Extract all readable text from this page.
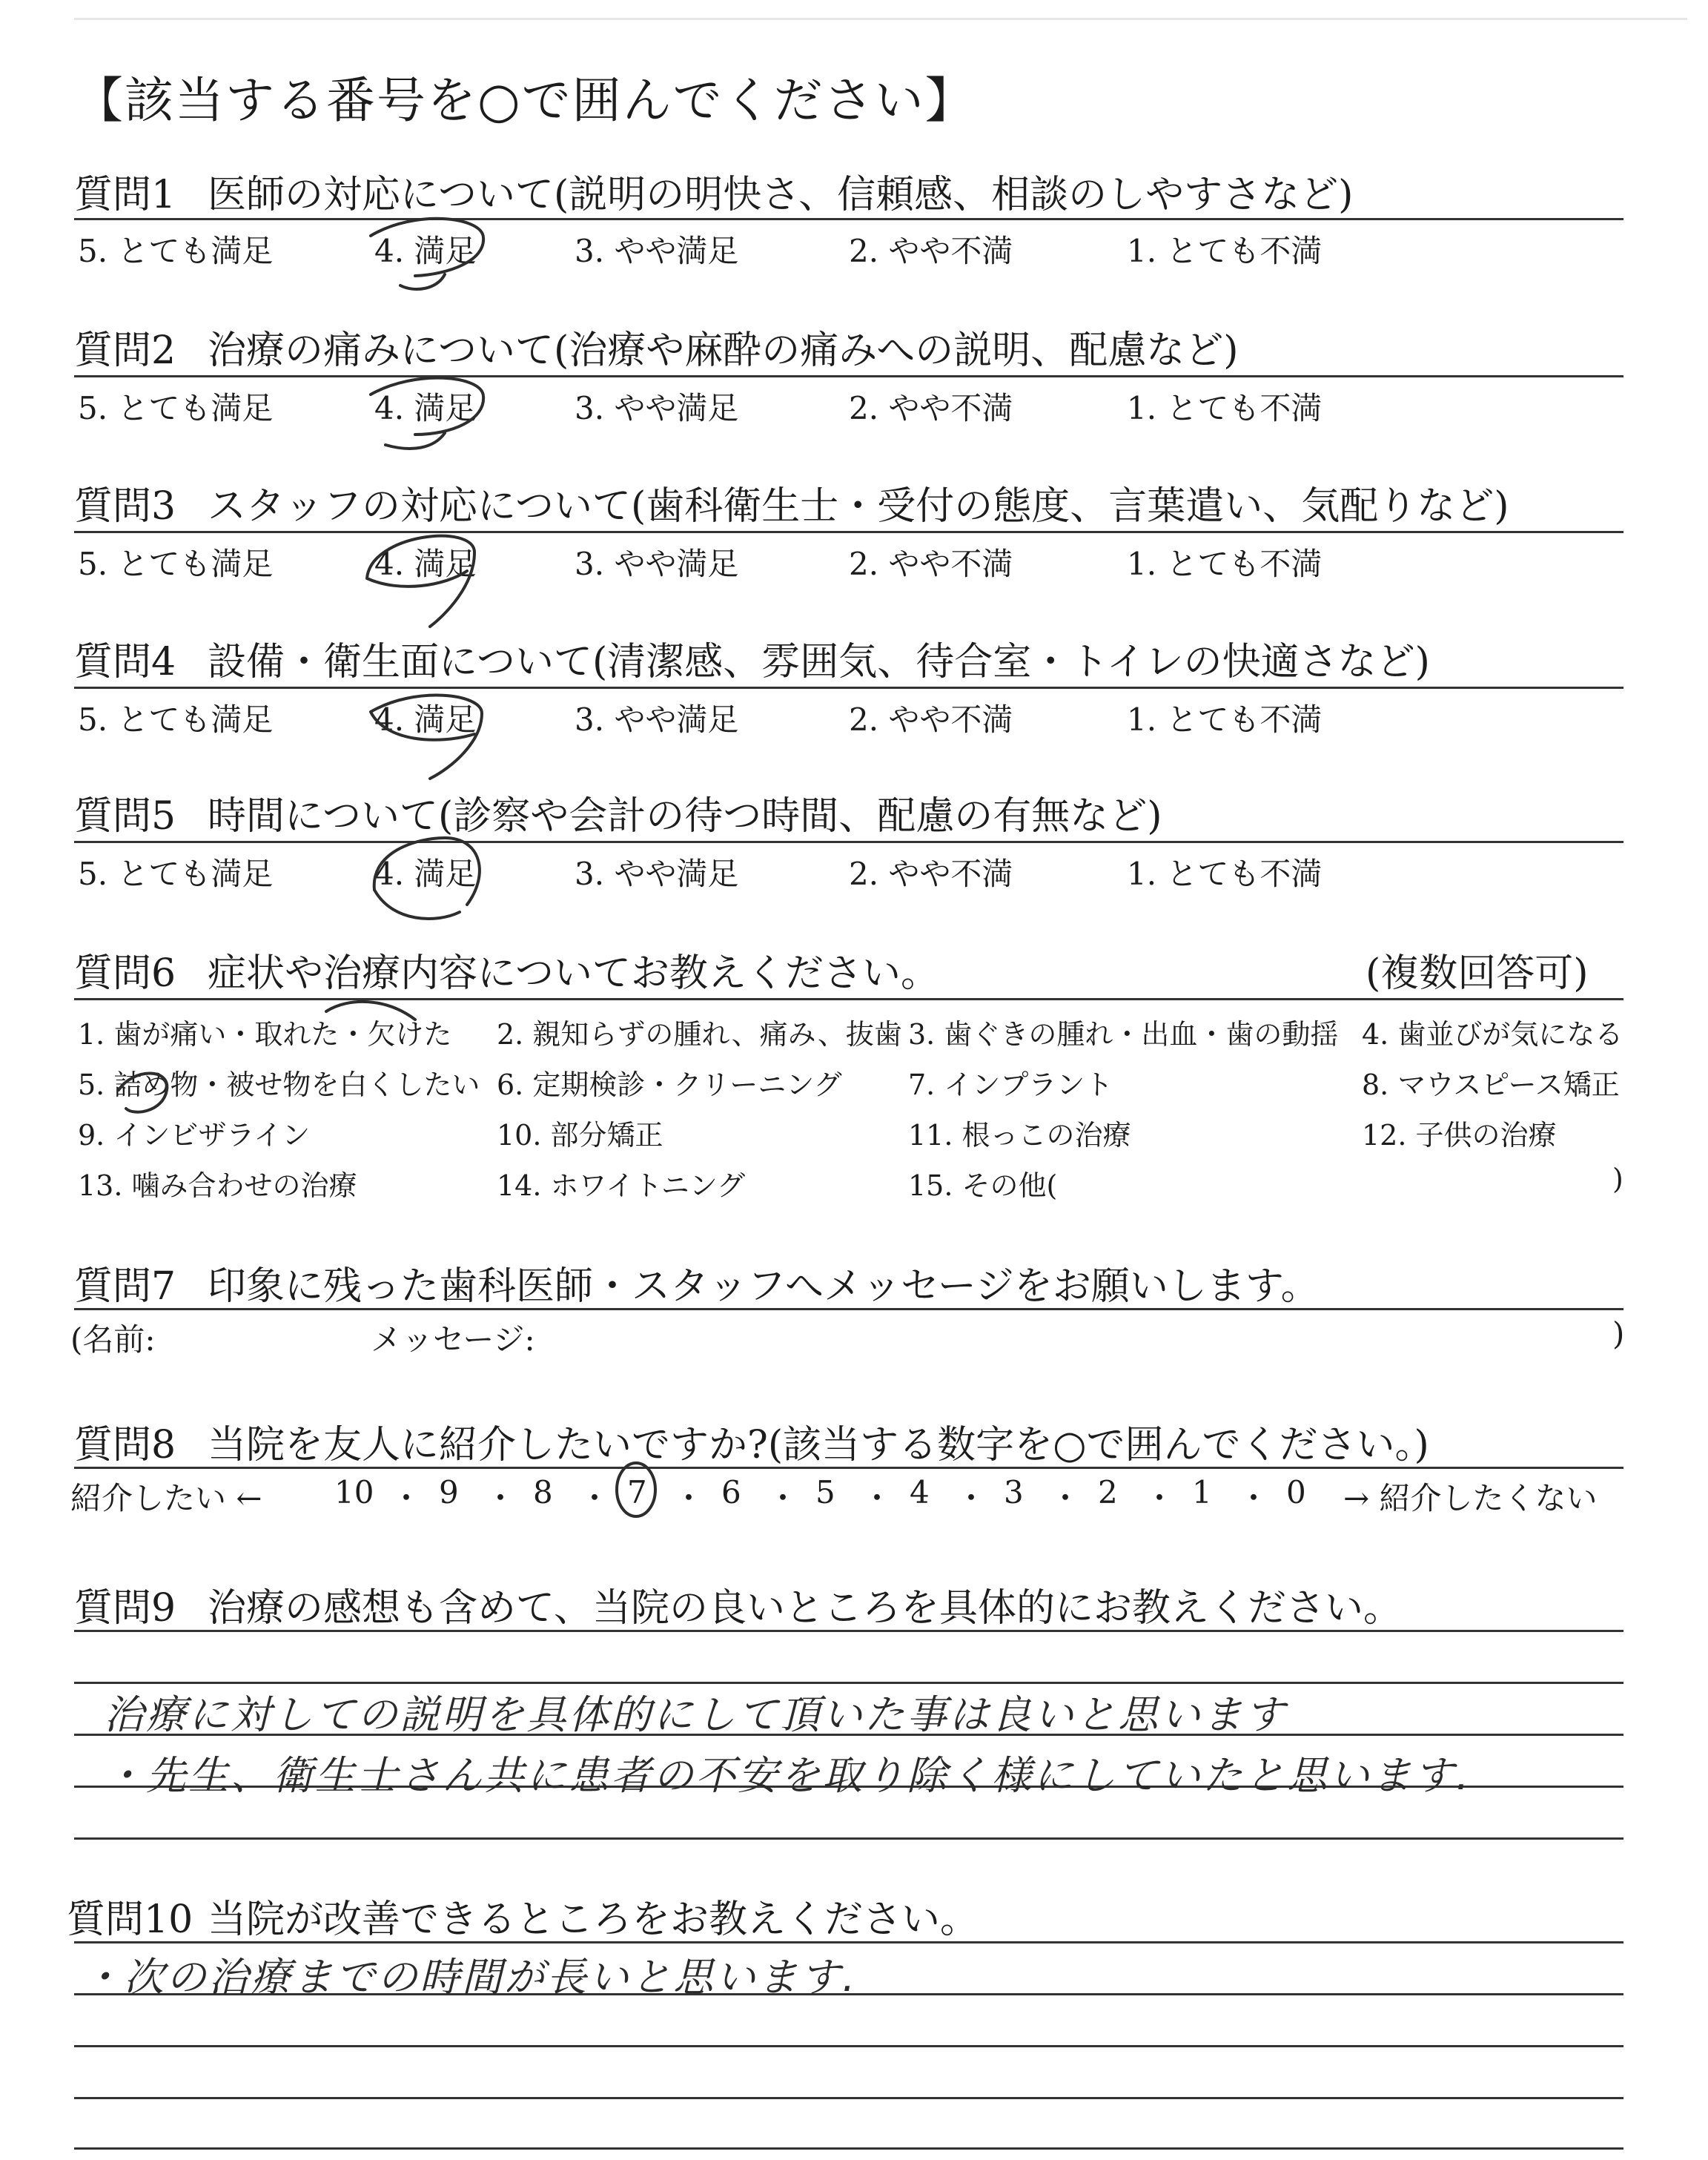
【該当する番号を○で囲んでください】
質問1 医師の対応について(説明の明快さ、信頼感、相談のしやすさなど)
5. とても満足	4. 満足	3. やや満足	2. やや不満	1. とても不満
質問2 治療の痛みについて(治療や麻酔の痛みへの説明、配慮など)
5. とても満足	4. 満足	3. やや満足	2. やや不満	1. とても不満
質問3 スタッフの対応について(歯科衛生士・受付の態度、言葉遣い、気配りなど)
5. とても満足	4. 満足	3. やや満足	2. やや不満	1. とても不満
質問4 設備・衛生面について(清潔感、雰囲気、待合室・トイレの快適さなど)
5. とても満足	4. 満足	3. やや満足	2. やや不満	1. とても不満
質問5 時間について(診察や会計の待つ時間、配慮の有無など)
5. とても満足	4. 満足	3. やや満足	2. やや不満	1. とても不満
質問6 症状や治療内容についてお教えください。	(複数回答可)
1. 歯が痛い・取れた・欠けた 2. 親知らずの腫れ、痛み、抜歯 3. 歯ぐきの腫れ・出血・歯の動揺 4. 歯並びが気になる
5. 詰め物・被せ物を白くしたい 6. 定期検診・クリーニング 7. インプラント	8. マウスピース矯正
9. インビザライン	10. 部分矯正	11. 根っこの治療	12. 子供の治療
13. 噛み合わせの治療	14. ホワイトニング	15. その他(	)
質問7 印象に残った歯科医師・スタッフへメッセージをお願いします。
(名前:	メッセージ:	)
質問8 当院を友人に紹介したいですか?(該当する数字を○で囲んでください。)
紹介したい ←	→ 紹介したくない
10 ・ 9 ・ 8 ・ 7 ・ 6 ・ 5 ・ 4 ・ 3 ・ 2 ・ 1 ・ 0
質問9 治療の感想も含めて、当院の良いところを具体的にお教えください。
治療に対しての説明を具体的にして頂いた事は良いと思います
・先生、衛生士さん共に患者の不安を取り除く様にしていたと思います.
質問10 当院が改善できるところをお教えください。
・次の治療までの時間が長いと思います.
